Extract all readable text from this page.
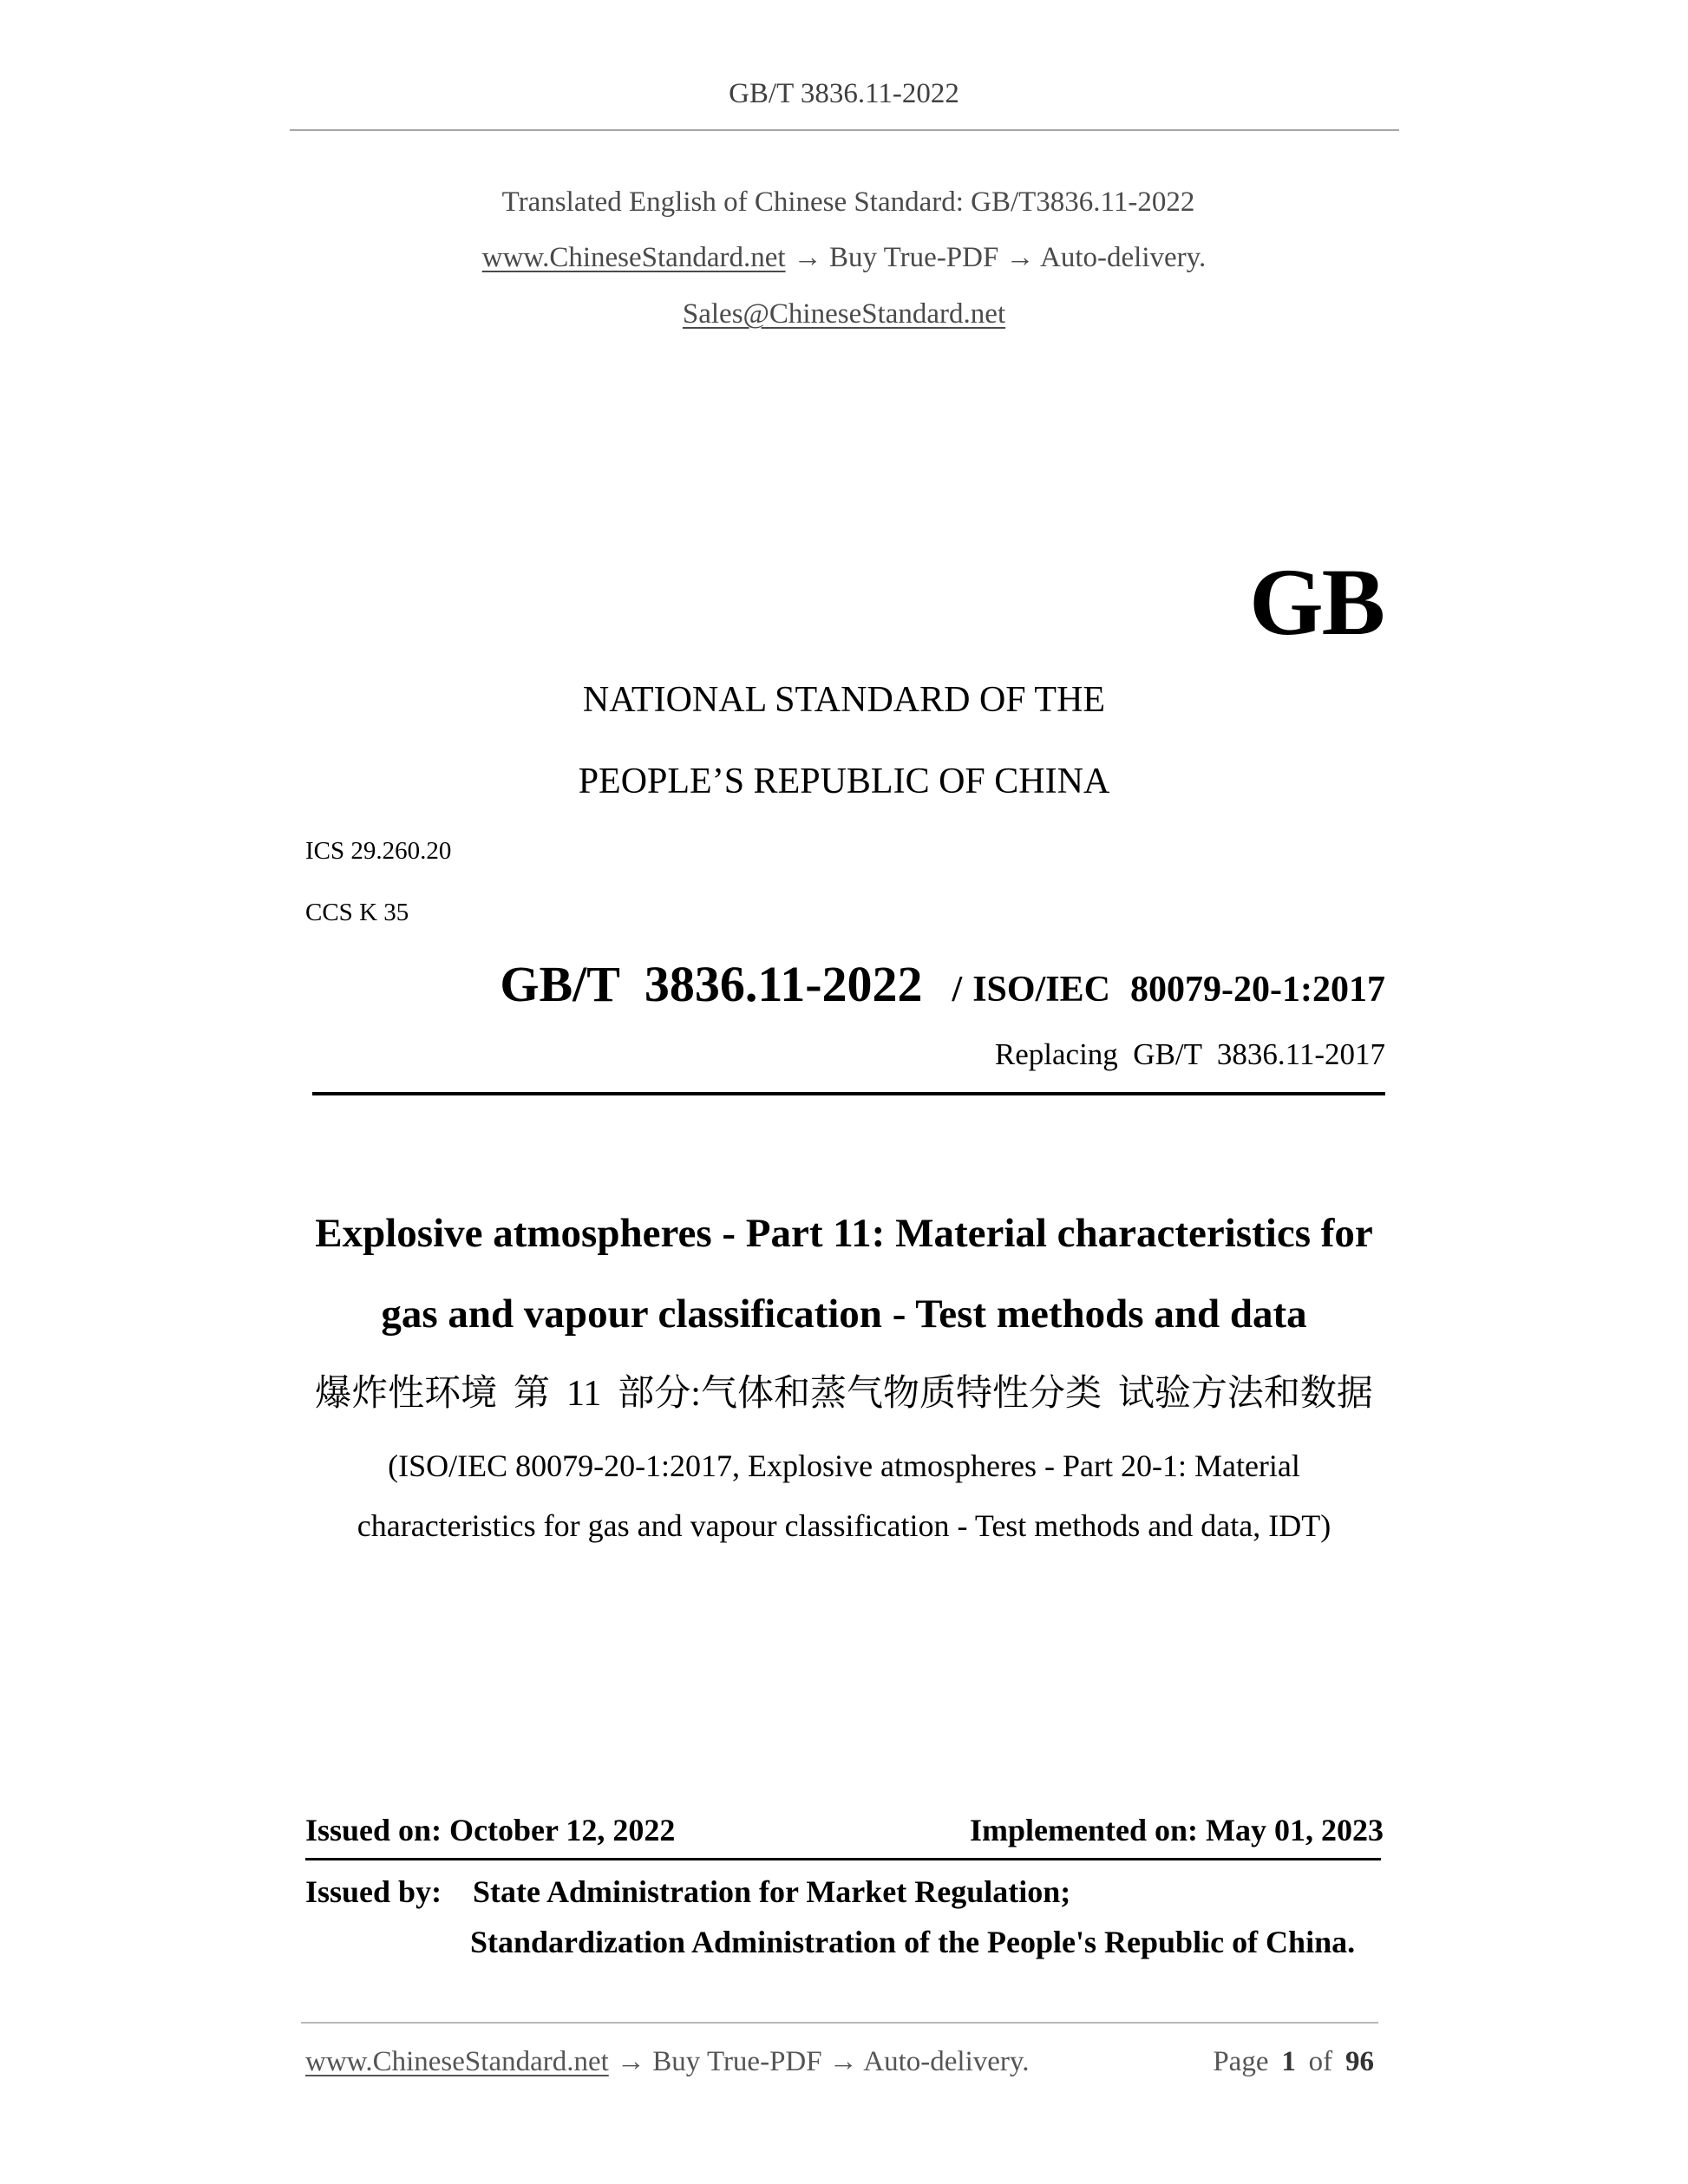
GB/T 3836.11-2022
Translated English of Chinese Standard: GB/T3836.11-2022
www.ChineseStandard.net → Buy True-PDF → Auto-delivery.
Sales@ChineseStandard.net
GB
NATIONAL STANDARD OF THE
PEOPLE’S REPUBLIC OF CHINA
ICS 29.260.20
CCS K 35
GB/T 3836.11-2022 / ISO/IEC 80079-20-1:2017
Replacing GB/T 3836.11-2017
Explosive atmospheres - Part 11: Material characteristics for
gas and vapour classification - Test methods and data
爆炸性环境 第 11 部分:气体和蒸气物质特性分类 试验方法和数据
(ISO/IEC 80079-20-1:2017, Explosive atmospheres - Part 20-1: Material
characteristics for gas and vapour classification - Test methods and data, IDT)
Issued on: October 12, 2022	Implemented on: May 01, 2023
Issued by: State Administration for Market Regulation;
Standardization Administration of the People's Republic of China.
www.ChineseStandard.net → Buy True-PDF → Auto-delivery.	Page 1 of 96
